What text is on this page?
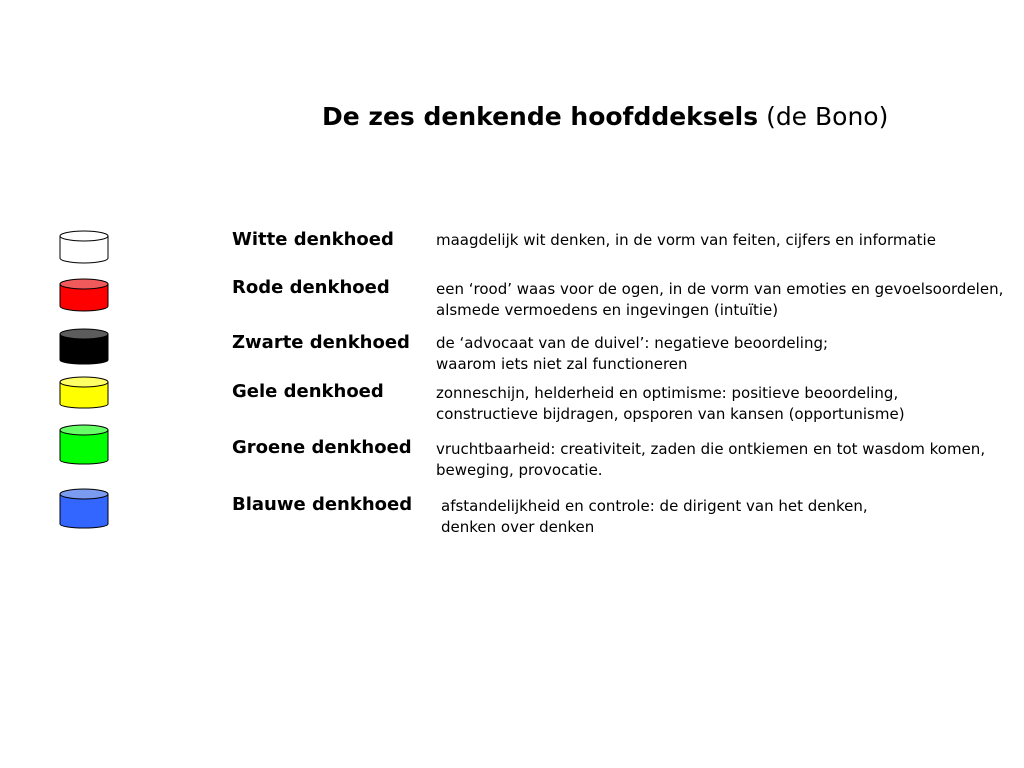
De zes denkende hoofddeksels (de Bono)
Witte denkhoed	maagdelijk wit denken, in de vorm van feiten, cijfers en informatie
Rode denkhoed	een ‘rood’ waas voor de ogen, in de vorm van emoties en gevoelsoordelen,
alsmede vermoedens en ingevingen (intuïtie)
Zwarte denkhoed de ‘advocaat van de duivel’: negatieve beoordeling;
waarom iets niet zal functioneren
Gele denkhoed	zonneschijn, helderheid en optimisme: positieve beoordeling,
constructieve bijdragen, opsporen van kansen (opportunisme)
Groene denkhoed vruchtbaarheid: creativiteit, zaden die ontkiemen en tot wasdom komen,
beweging, provocatie.
Blauwe denkhoed afstandelijkheid en controle: de dirigent van het denken,
denken over denken
